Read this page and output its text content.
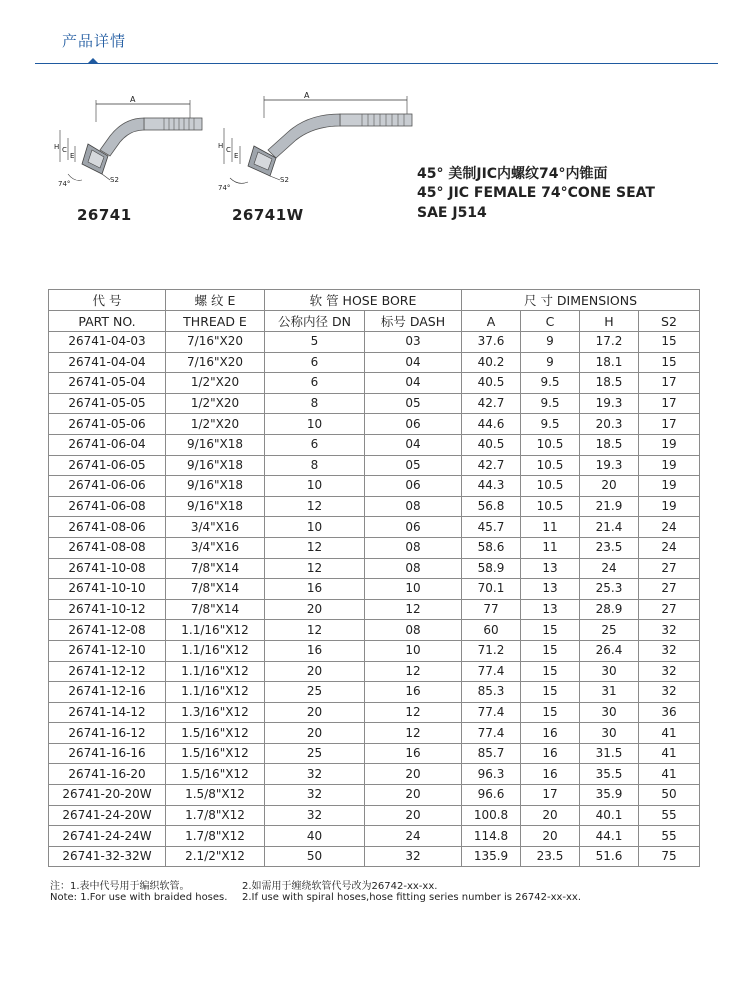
产品详情
A
H C
E
74°	S2
26741
A
H C
E
74°
S2
26741W
45° 美制JIC内螺纹74°内锥面
45° JIC FEMALE 74°CONE SEAT
SAE J514
代 号	螺 纹 E	软 管 HOSE BORE		尺 寸 DIMENSIONS			
PART NO.	THREAD E	公称内径 DN	标号 DASH	A	C	H	S2
26741-04-03	7/16"X20	5	03	37.6	9	17.2	15
26741-04-04	7/16"X20	6	04	40.2	9	18.1	15
26741-05-04	1/2"X20	6	04	40.5	9.5	18.5	17
26741-05-05	1/2"X20	8	05	42.7	9.5	19.3	17
26741-05-06	1/2"X20	10	06	44.6	9.5	20.3	17
26741-06-04	9/16"X18	6	04	40.5	10.5	18.5	19
26741-06-05	9/16"X18	8	05	42.7	10.5	19.3	19
26741-06-06	9/16"X18	10	06	44.3	10.5	20	19
26741-06-08	9/16"X18	12	08	56.8	10.5	21.9	19
26741-08-06	3/4"X16	10	06	45.7	11	21.4	24
26741-08-08	3/4"X16	12	08	58.6	11	23.5	24
26741-10-08	7/8"X14	12	08	58.9	13	24	27
26741-10-10	7/8"X14	16	10	70.1	13	25.3	27
26741-10-12	7/8"X14	20	12	77	13	28.9	27
26741-12-08	1.1/16"X12	12	08	60	15	25	32
26741-12-10	1.1/16"X12	16	10	71.2	15	26.4	32
26741-12-12	1.1/16"X12	20	12	77.4	15	30	32
26741-12-16	1.1/16"X12	25	16	85.3	15	31	32
26741-14-12	1.3/16"X12	20	12	77.4	15	30	36
26741-16-12	1.5/16"X12	20	12	77.4	16	30	41
26741-16-16	1.5/16"X12	25	16	85.7	16	31.5	41
26741-16-20	1.5/16"X12	32	20	96.3	16	35.5	41
26741-20-20W	1.5/8"X12	32	20	96.6	17	35.9	50
26741-24-20W	1.7/8"X12	32	20	100.8	20	40.1	55
26741-24-24W	1.7/8"X12	40	24	114.8	20	44.1	55
26741-32-32W	2.1/2"X12	50	32	135.9	23.5	51.6	75
注：1.表中代号用于编织软管。	2.如需用于缠绕软管代号改为26742-xx-xx.
Note: 1.For use with braided hoses. 2.If use with spiral hoses,hose fitting series number is 26742-xx-xx.
